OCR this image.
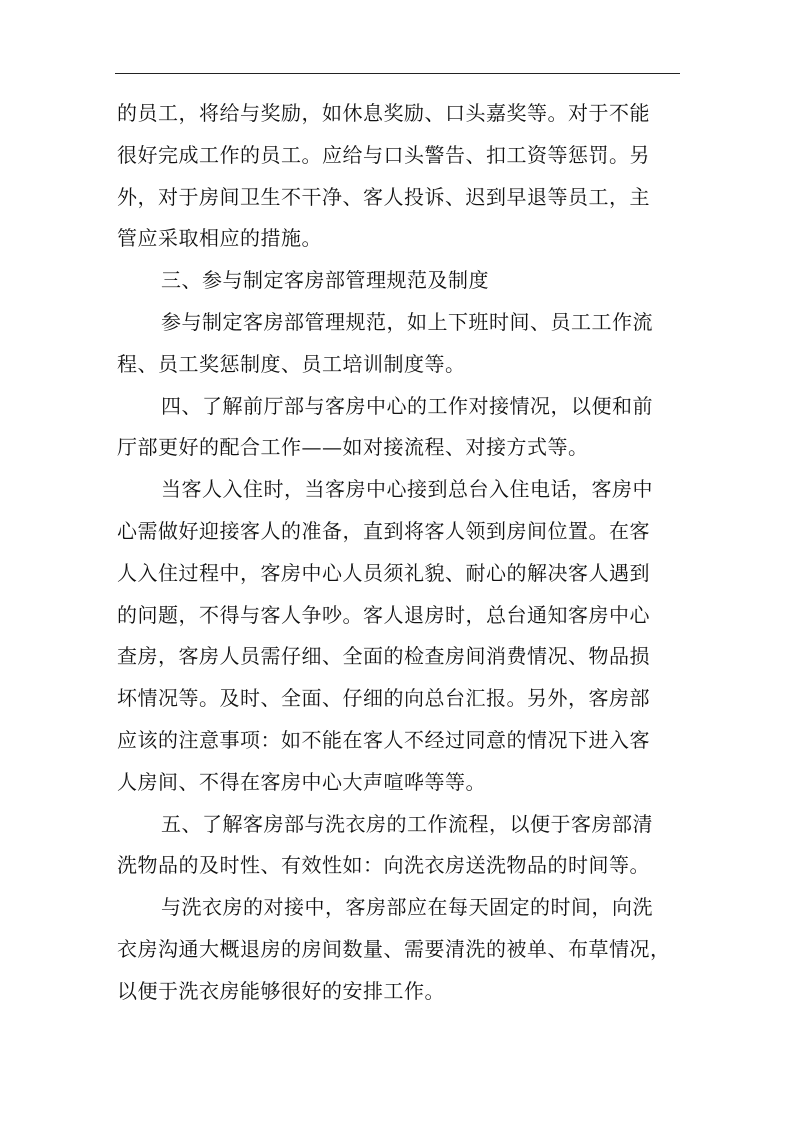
的员工，将给与奖励，如休息奖励、口头嘉奖等。对于不能
很好完成工作的员工。应给与口头警告、扣工资等惩罚。另
外，对于房间卫生不干净、客人投诉、迟到早退等员工，主
管应采取相应的措施。
三、参与制定客房部管理规范及制度
参与制定客房部管理规范，如上下班时间、员工工作流
程、员工奖惩制度、员工培训制度等。
四、了解前厅部与客房中心的工作对接情况，以便和前
厅部更好的配合工作——如对接流程、对接方式等。
当客人入住时，当客房中心接到总台入住电话，客房中
心需做好迎接客人的准备，直到将客人领到房间位置。在客
人入住过程中，客房中心人员须礼貌、耐心的解决客人遇到
的问题，不得与客人争吵。客人退房时，总台通知客房中心
查房，客房人员需仔细、全面的检查房间消费情况、物品损
坏情况等。及时、全面、仔细的向总台汇报。另外，客房部
应该的注意事项：如不能在客人不经过同意的情况下进入客
人房间、不得在客房中心大声喧哗等等。
五、了解客房部与洗衣房的工作流程，以便于客房部清
洗物品的及时性、有效性如：向洗衣房送洗物品的时间等。
与洗衣房的对接中，客房部应在每天固定的时间，向洗
衣房沟通大概退房的房间数量、需要清洗的被单、布草情况，
以便于洗衣房能够很好的安排工作。
